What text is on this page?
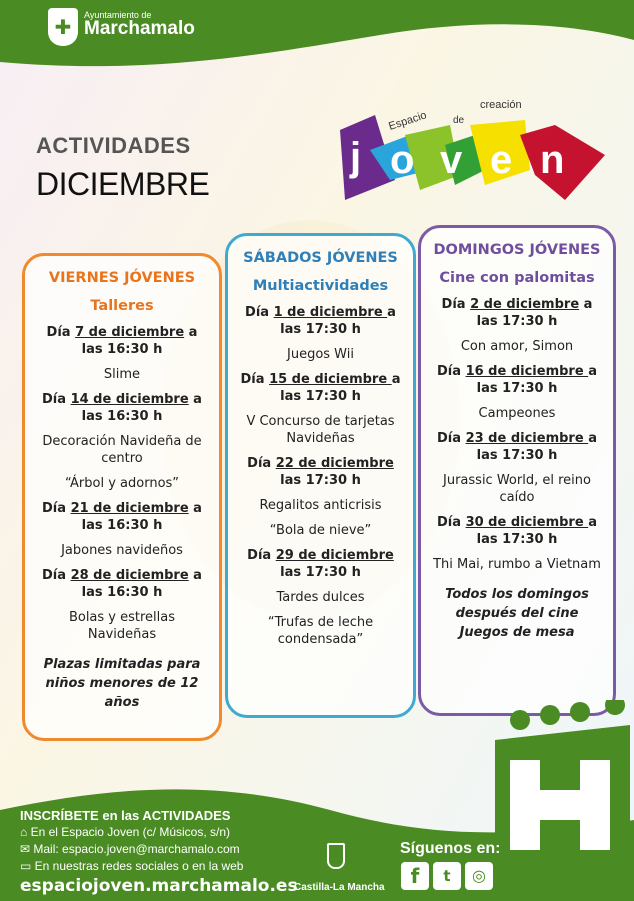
✚	Ayuntamiento de
Marchamalo
ACTIVIDADES
DICIEMBRE
Espacio de
creación
j o v e n
VIERNES JÓVENES
Talleres
Día 7 de diciembre a las 16:30 h
Slime
Día 14 de diciembre a las 16:30 h
Decoración Navideña de centro
“Árbol y adornos”
Día 21 de diciembre a las 16:30 h
Jabones navideños
Día 28 de diciembre a las 16:30 h
Bolas y estrellas Navideñas
Plazas limitadas para niños menores de 12 años
SÁBADOS JÓVENES
Multiactividades
Día 1 de diciembre a las 17:30 h
Juegos Wii
Día 15 de diciembre a las 17:30 h
V Concurso de tarjetas Navideñas
Día 22 de diciembre las 17:30 h
Regalitos anticrisis
“Bola de nieve”
Día 29 de diciembre las 17:30 h
Tardes dulces
“Trufas de leche condensada”
DOMINGOS JÓVENES
Cine con palomitas
Día 2 de diciembre a las 17:30 h
Con amor, Simon
Día 16 de diciembre a las 17:30 h
Campeones
Día 23 de diciembre a las 17:30 h
Jurassic World, el reino caído
Día 30 de diciembre a las 17:30 h
Thi Mai, rumbo a Vietnam
Todos los domingos después del cine Juegos de mesa
INSCRÍBETE en las ACTIVIDADES
⌂ En el Espacio Joven (c/ Músicos, s/n)
✉ Mail: espacio.joven@marchamalo.com
▭ En nuestras redes sociales o en la web
espaciojoven.marchamalo.es
Castilla-La Mancha
Síguenos en:
f	t	◎
